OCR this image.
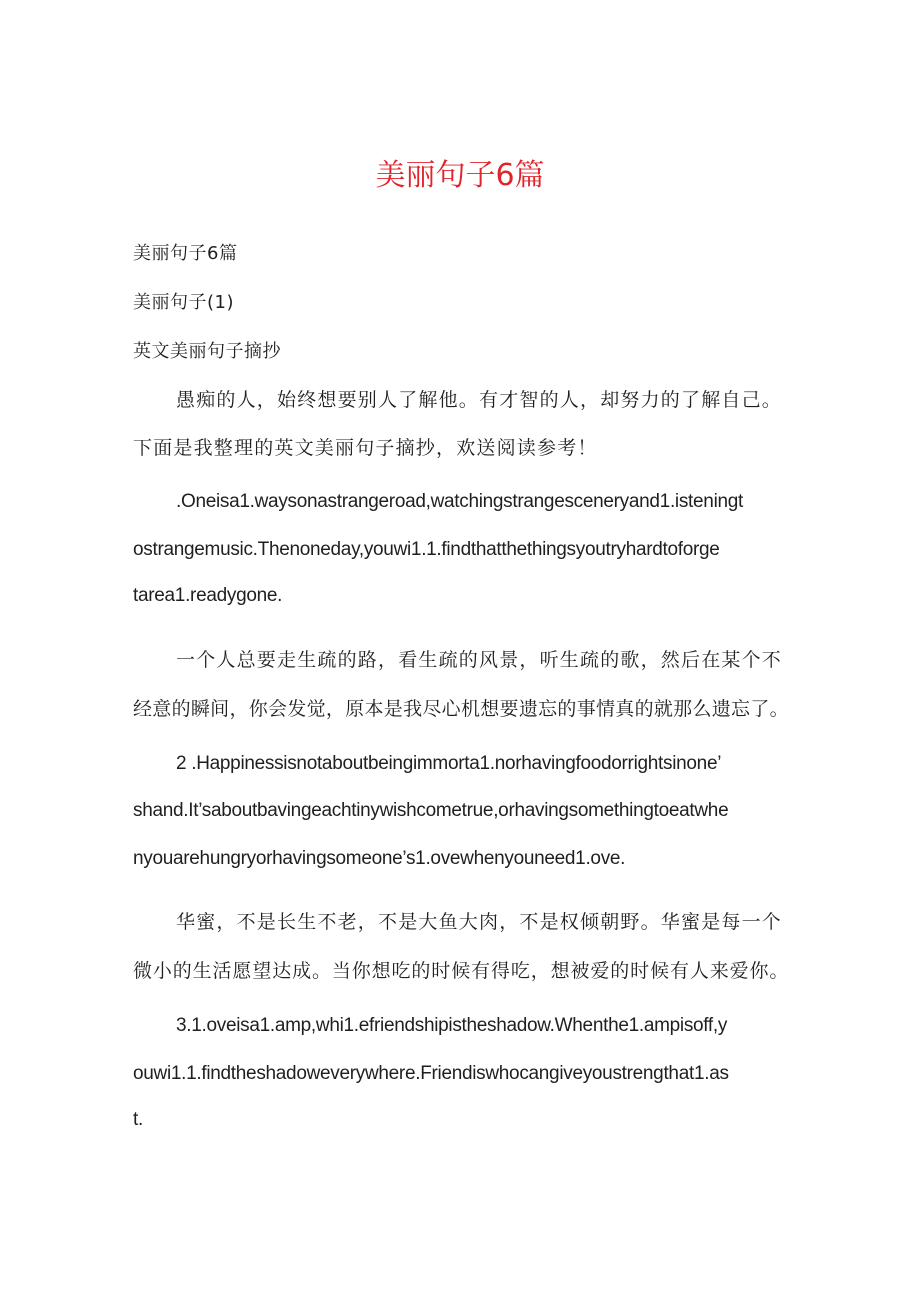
美丽句子6篇
美丽句子6篇
美丽句子(1)
英文美丽句子摘抄
愚痴的人，始终想要别人了解他。有才智的人，却努力的了解自己。
下面是我整理的英文美丽句子摘抄，欢送阅读参考！
.Oneisa1.waysonastrangeroad,watchingstrangesceneryand1.isteningt
ostrangemusic.Thenoneday,youwi1.1.findthatthethingsyoutryhardtoforge
tarea1.readygone.
一个人总要走生疏的路，看生疏的风景，听生疏的歌，然后在某个不
经意的瞬间，你会发觉，原本是我尽心机想要遗忘的事情真的就那么遗忘了。
2 .Happinessisnotaboutbeingimmorta1.norhavingfoodorrightsinone’
shand.It’saboutbavingeachtinywishcometrue,orhavingsomethingtoeatwhe
nyouarehungryorhavingsomeone’s1.ovewhenyouneed1.ove.
华蜜，不是长生不老，不是大鱼大肉，不是权倾朝野。华蜜是每一个
微小的生活愿望达成。当你想吃的时候有得吃，想被爱的时候有人来爱你。
3.1.oveisa1.amp,whi1.efriendshipistheshadow.Whenthe1.ampisoff,y
ouwi1.1.findtheshadoweverywhere.Friendiswhocangiveyoustrengthat1.as
t.
